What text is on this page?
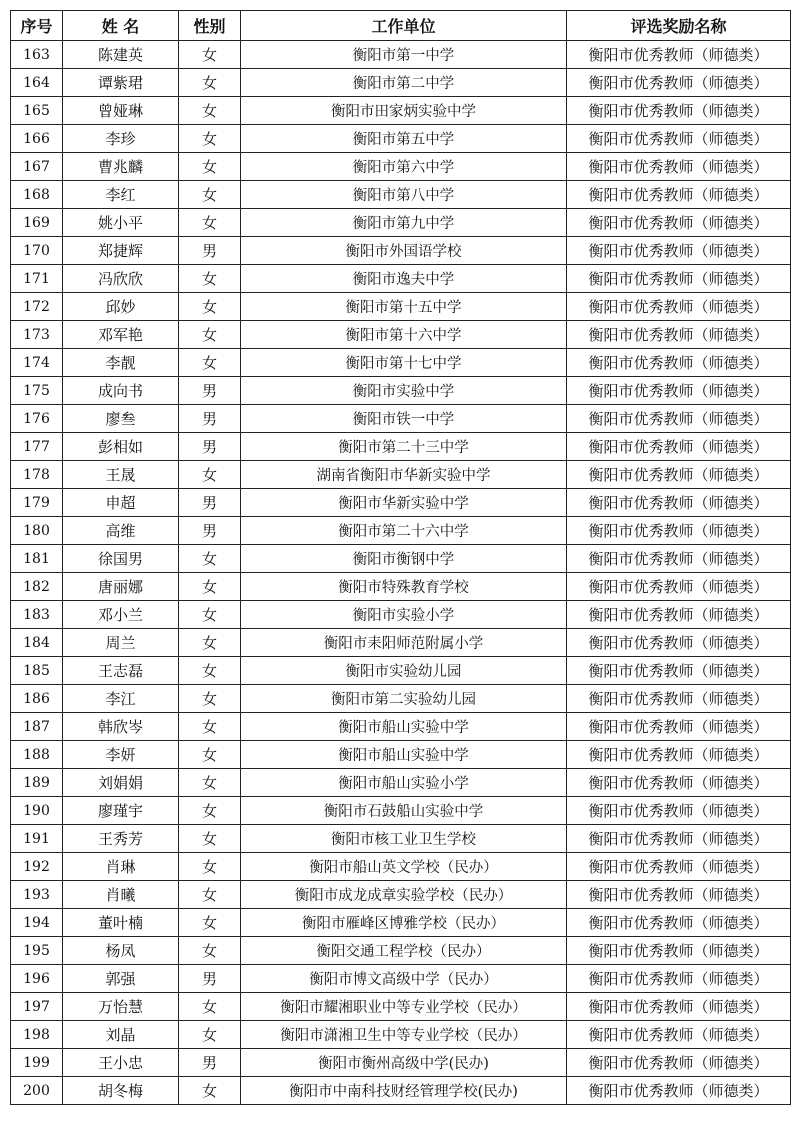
序号	姓 名	性别	工作单位	评选奖励名称
163	陈建英	女	衡阳市第一中学	衡阳市优秀教师（师德类）
164	谭紫珺	女	衡阳市第二中学	衡阳市优秀教师（师德类）
165	曾娅琳	女	衡阳市田家炳实验中学	衡阳市优秀教师（师德类）
166	李珍	女	衡阳市第五中学	衡阳市优秀教师（师德类）
167	曹兆麟	女	衡阳市第六中学	衡阳市优秀教师（师德类）
168	李红	女	衡阳市第八中学	衡阳市优秀教师（师德类）
169	姚小平	女	衡阳市第九中学	衡阳市优秀教师（师德类）
170	郑捷辉	男	衡阳市外国语学校	衡阳市优秀教师（师德类）
171	冯欣欣	女	衡阳市逸夫中学	衡阳市优秀教师（师德类）
172	邱妙	女	衡阳市第十五中学	衡阳市优秀教师（师德类）
173	邓军艳	女	衡阳市第十六中学	衡阳市优秀教师（师德类）
174	李靓	女	衡阳市第十七中学	衡阳市优秀教师（师德类）
175	成向书	男	衡阳市实验中学	衡阳市优秀教师（师德类）
176	廖叁	男	衡阳市铁一中学	衡阳市优秀教师（师德类）
177	彭相如	男	衡阳市第二十三中学	衡阳市优秀教师（师德类）
178	王晟	女	湖南省衡阳市华新实验中学	衡阳市优秀教师（师德类）
179	申超	男	衡阳市华新实验中学	衡阳市优秀教师（师德类）
180	高维	男	衡阳市第二十六中学	衡阳市优秀教师（师德类）
181	徐国男	女	衡阳市衡钢中学	衡阳市优秀教师（师德类）
182	唐丽娜	女	衡阳市特殊教育学校	衡阳市优秀教师（师德类）
183	邓小兰	女	衡阳市实验小学	衡阳市优秀教师（师德类）
184	周兰	女	衡阳市耒阳师范附属小学	衡阳市优秀教师（师德类）
185	王志磊	女	衡阳市实验幼儿园	衡阳市优秀教师（师德类）
186	李江	女	衡阳市第二实验幼儿园	衡阳市优秀教师（师德类）
187	韩欣岑	女	衡阳市船山实验中学	衡阳市优秀教师（师德类）
188	李妍	女	衡阳市船山实验中学	衡阳市优秀教师（师德类）
189	刘娟娟	女	衡阳市船山实验小学	衡阳市优秀教师（师德类）
190	廖瑾宇	女	衡阳市石鼓船山实验中学	衡阳市优秀教师（师德类）
191	王秀芳	女	衡阳市核工业卫生学校	衡阳市优秀教师（师德类）
192	肖琳	女	衡阳市船山英文学校（民办）	衡阳市优秀教师（师德类）
193	肖曦	女	衡阳市成龙成章实验学校（民办）	衡阳市优秀教师（师德类）
194	董叶楠	女	衡阳市雁峰区博雅学校（民办）	衡阳市优秀教师（师德类）
195	杨凤	女	衡阳交通工程学校（民办）	衡阳市优秀教师（师德类）
196	郭强	男	衡阳市博文高级中学（民办）	衡阳市优秀教师（师德类）
197	万怡慧	女	衡阳市耀湘职业中等专业学校（民办）	衡阳市优秀教师（师德类）
198	刘晶	女	衡阳市潇湘卫生中等专业学校（民办）	衡阳市优秀教师（师德类）
199	王小忠	男	衡阳市衡州高级中学(民办)	衡阳市优秀教师（师德类）
200	胡冬梅	女	衡阳市中南科技财经管理学校(民办)	衡阳市优秀教师（师德类）
